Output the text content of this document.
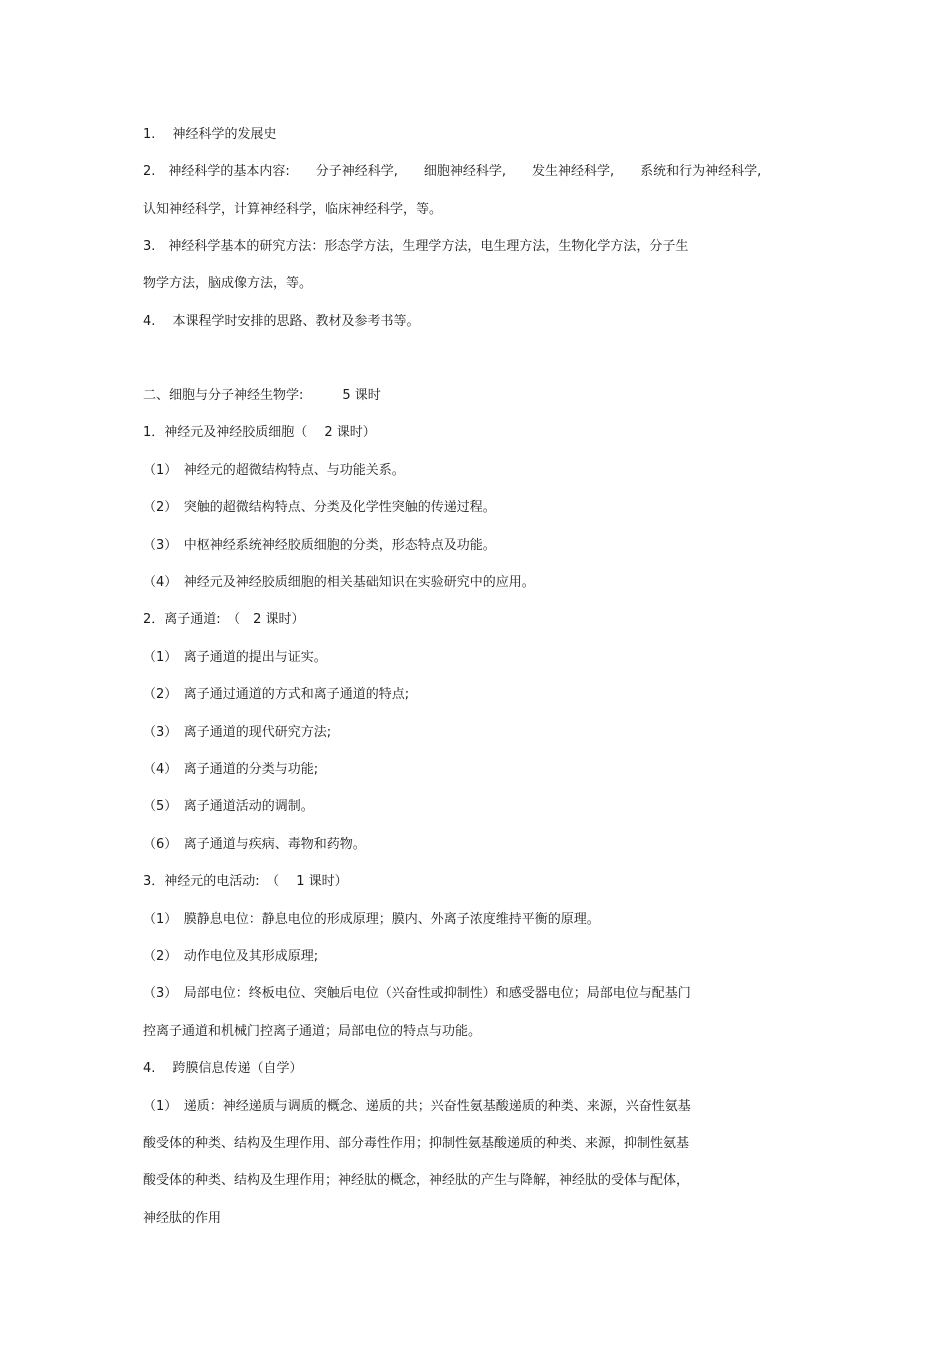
1.　 神经科学的发展史
2.　神经科学的基本内容:　　分子神经科学,　　细胞神经科学,　　发生神经科学,　　系统和行为神经科学,
认知神经科学，计算神经科学，临床神经科学，等。
3.　神经科学基本的研究方法：形态学方法，生理学方法，电生理方法，生物化学方法，分子生
物学方法，脑成像方法，等。
4.　 本课程学时安排的思路、教材及参考书等。
二、细胞与分子神经生物学:　　　5 课时
1．神经元及神经胶质细胞（　 2 课时）
（1）　神经元的超微结构特点、与功能关系。
（2）　突触的超微结构特点、分类及化学性突触的传递过程。
（3）　中枢神经系统神经胶质细胞的分类，形态特点及功能。
（4）　神经元及神经胶质细胞的相关基础知识在实验研究中的应用。
2．离子通道:　（　2 课时）
（1）　离子通道的提出与证实。
（2）　离子通过通道的方式和离子通道的特点;
（3）　离子通道的现代研究方法;
（4）　离子通道的分类与功能;
（5）　离子通道活动的调制。
（6）　离子通道与疾病、毒物和药物。
3．神经元的电活动:　（　 1 课时）
（1）　膜静息电位：静息电位的形成原理；膜内、外离子浓度维持平衡的原理。
（2）　动作电位及其形成原理;
（3）　局部电位：终板电位、突触后电位（兴奋性或抑制性）和感受器电位；局部电位与配基门
控离子通道和机械门控离子通道；局部电位的特点与功能。
4.　 跨膜信息传递（自学）
（1）　递质：神经递质与调质的概念、递质的共；兴奋性氨基酸递质的种类、来源，兴奋性氨基
酸受体的种类、结构及生理作用、部分毒性作用；抑制性氨基酸递质的种类、来源，抑制性氨基
酸受体的种类、结构及生理作用；神经肽的概念，神经肽的产生与降解，神经肽的受体与配体，
神经肽的作用
